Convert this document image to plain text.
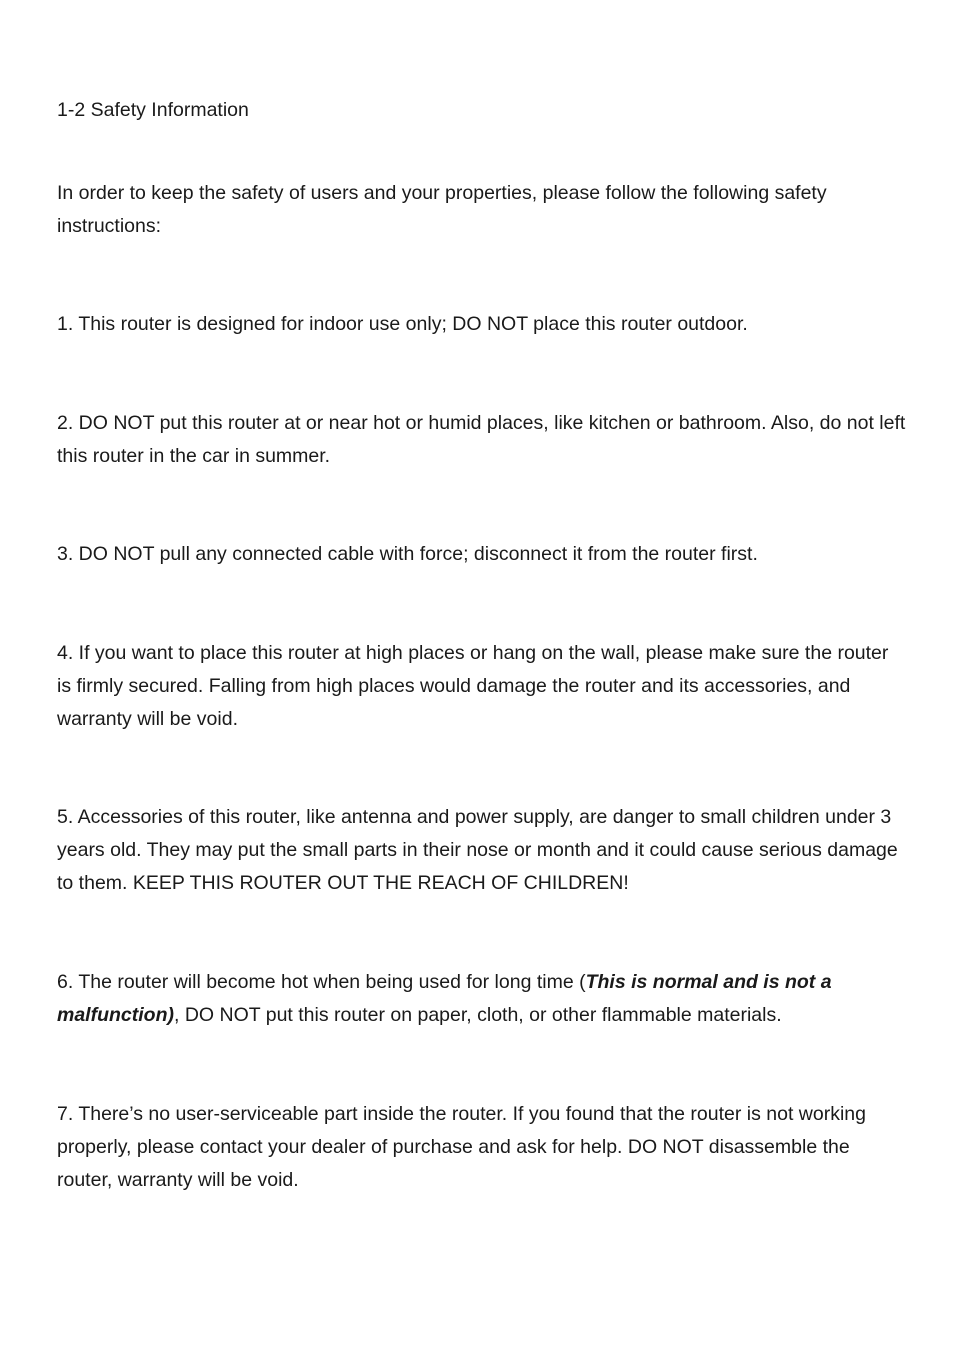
1-2 Safety Information

In order to keep the safety of users and your properties, please follow the following safety instructions:

1. This router is designed for indoor use only; DO NOT place this router outdoor.

2. DO NOT put this router at or near hot or humid places, like kitchen or bathroom. Also, do not left this router in the car in summer.

3. DO NOT pull any connected cable with force; disconnect it from the router first.

4. If you want to place this router at high places or hang on the wall, please make sure the router is firmly secured. Falling from high places would damage the router and its accessories, and warranty will be void.

5. Accessories of this router, like antenna and power supply, are danger to small children under 3 years old. They may put the small parts in their nose or month and it could cause serious damage to them. KEEP THIS ROUTER OUT THE REACH OF CHILDREN!

6. The router will become hot when being used for long time (This is normal and is not a malfunction), DO NOT put this router on paper, cloth, or other flammable materials.

7. There’s no user-serviceable part inside the router. If you found that the router is not working properly, please contact your dealer of purchase and ask for help. DO NOT disassemble the router, warranty will be void.
